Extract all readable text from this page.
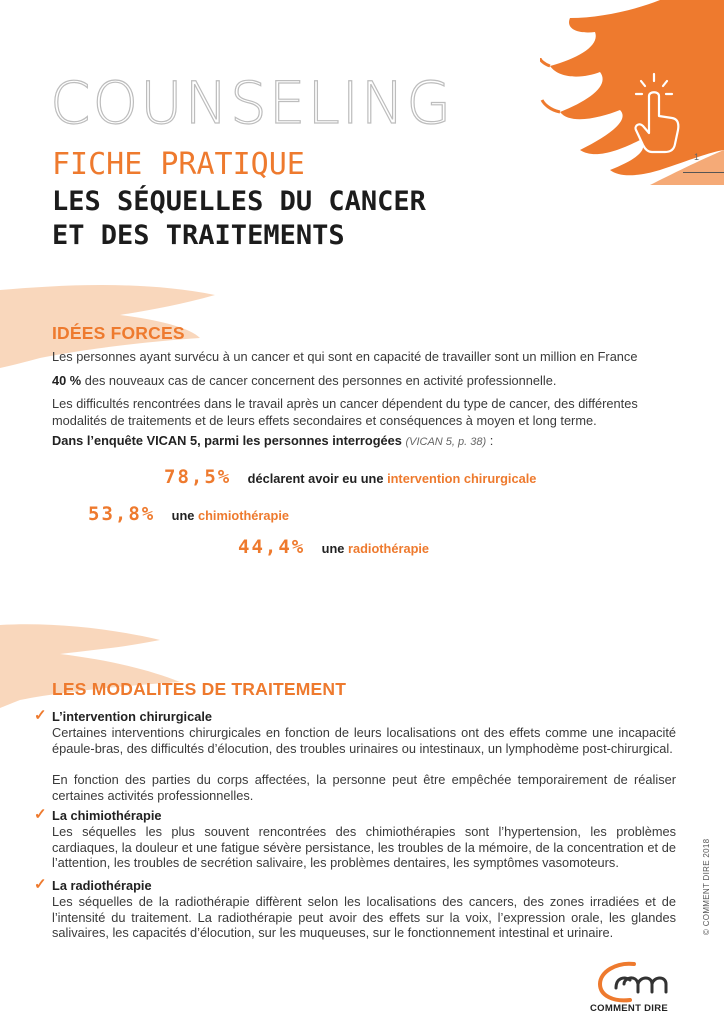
COUNSELING
FICHE PRATIQUE
LES SÉQUELLES DU CANCER
ET DES TRAITEMENTS
1
IDÉES FORCES
Les personnes ayant survécu à un cancer et qui sont en capacité de travailler sont un million en France
40 % des nouveaux cas de cancer concernent des personnes en activité professionnelle.
Les difficultés rencontrées dans le travail après un cancer dépendent du type de cancer, des différentes modalités de traitements et de leurs effets secondaires et conséquences à moyen et long terme.
Dans l’enquête VICAN 5, parmi les personnes interrogées (VICAN 5, p. 38) :
78,5% déclarent avoir eu une intervention chirurgicale
53,8% une chimiothérapie
44,4% une radiothérapie
LES MODALITES DE TRAITEMENT
✓ L’intervention chirurgicale
Certaines interventions chirurgicales en fonction de leurs localisations ont des effets comme une incapacité épaule-bras, des difficultés d’élocution, des troubles urinaires ou intestinaux, un lymphodème post-chirurgical.
En fonction des parties du corps affectées, la personne peut être empêchée temporairement de réaliser certaines activités professionnelles.
✓ La chimiothérapie
Les séquelles les plus souvent rencontrées des chimiothérapies sont l’hypertension, les problèmes cardiaques, la douleur et une fatigue sévère persistance, les troubles de la mémoire, de la concentration et de l’attention, les troubles de secrétion salivaire, les problèmes dentaires, les symptômes vasomoteurs.
✓ La radiothérapie
Les séquelles de la radiothérapie diffèrent selon les localisations des cancers, des zones irradiées et de l’intensité du traitement. La radiothérapie peut avoir des effets sur la voix, l’expression orale, les glandes salivaires, les capacités d’élocution, sur les muqueuses, sur le fonctionnement intestinal et urinaire.	© COMMENT DIRE 2018
COMMENT DIRE
